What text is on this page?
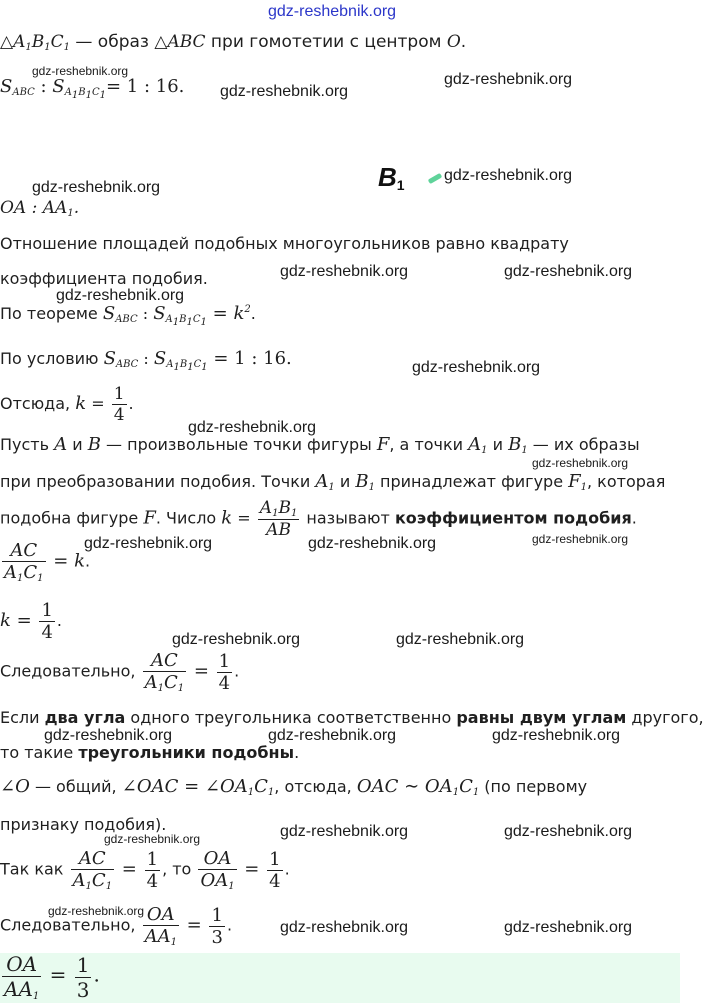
gdz-reshebnik.org
gdz-reshebnik.org	gdz-reshebnik.org
gdz-reshebnik.org
gdz-reshebnik.org
gdz-reshebnik.org
gdz-reshebnik.org	gdz-reshebnik.org
gdz-reshebnik.org
gdz-reshebnik.org
gdz-reshebnik.org
gdz-reshebnik.org
gdz-reshebnik.org
gdz-reshebnik.org	gdz-reshebnik.org
gdz-reshebnik.org	gdz-reshebnik.org
gdz-reshebnik.org	gdz-reshebnik.org	gdz-reshebnik.org
gdz-reshebnik.org	gdz-reshebnik.org
gdz-reshebnik.org
gdz-reshebnik.org
gdz-reshebnik.org	gdz-reshebnik.org
$\triangle A_1B_1C_1$ — образ △ABC при гомотетии с центром O.
$S_{ABC}$ : $S_{A_1B_1C_1}= 1$ : 16.
$B_1$
OA : $AA_1$.
Отношение площадей подобных многоугольников равно квадрату
коэффициента подобия.
По теореме $S_{ABC}$ : $S_{A_1B_1C_1} = k^2$.
По условию $S_{ABC}$ : $S_{A_1B_1C_1} = 1$ : 16.
Отсюда, $k = \frac{1}{4}$ .
Пусть A и B — произвольные точки фигуры F, а точки $A_1$ и $B_1$ — их образы
при преобразовании подобия. Точки $A_1$ и $B_1$ принадлежат фигуре $F_1$, которая
подобна фигуре F. Число $k = \frac{A_1B_1}{AB}$ называют коэффициентом подобия.
$\frac{AC}{A_1C_1} = k$.
$k = \frac{1}{4}$ .
Следовательно, $\frac{AC}{A_1C_1} = \frac{1}{4}$ .
Если два угла одного треугольника соответственно равны двум углам другого,
то такие треугольники подобны.
∠O — общий, ∠OAC = $\angle OA_1C_1$, отсюда, OAC ∼ $OA_1C_1$ (по первому
признаку подобия).
Так как $\frac{AC}{A_1C_1} = \frac{1}{4}$ , то $\frac{OA}{OA_1} = \frac{1}{4}$ .
Следовательно, $\frac{OA}{AA_1} = \frac{1}{3}$ .
$\frac{OA}{AA_1} = \frac{1}{3}$ .
